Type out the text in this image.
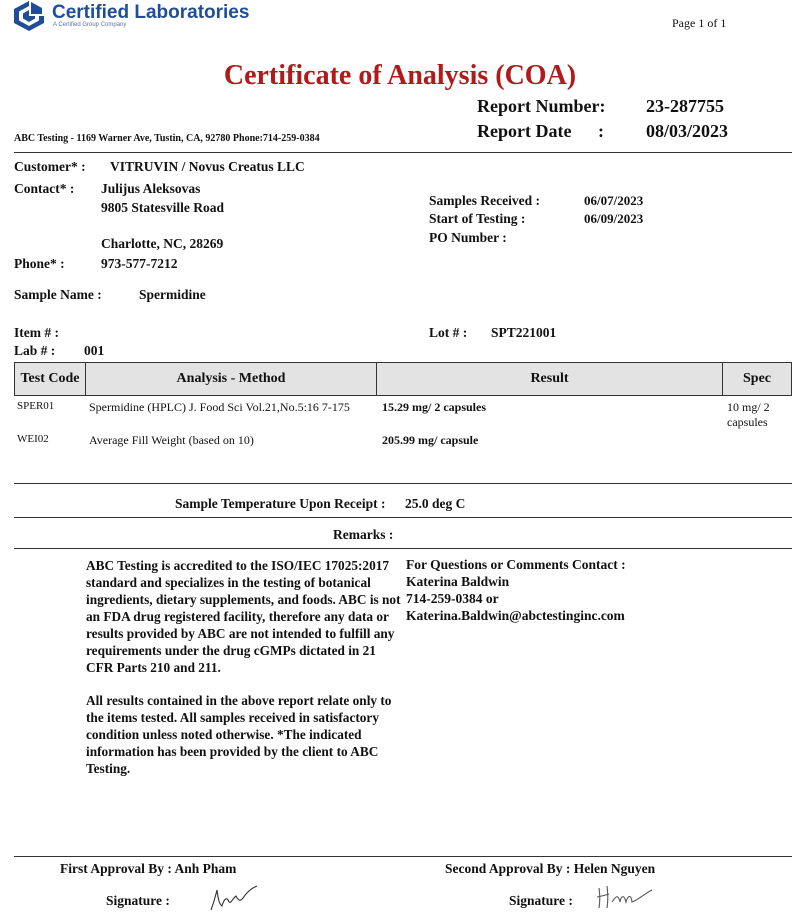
Certified Laboratories
A Certified Group Company	Page 1 of 1
Certificate of Analysis (COA)
Report Number: 23-287755
Report Date : 08/03/2023
ABC Testing - 1169 Warner Ave, Tustin, CA, 92780 Phone:714-259-0384
Customer* : VITRUVIN / Novus Creatus LLC
Contact* : Julijus Aleksovas
9805 Statesville Road
Charlotte, NC, 28269
Phone* :	973-577-7212
Samples Received :	06/07/2023
Start of Testing :	06/09/2023
PO Number :
Sample Name :	Spermidine
Item # :	Lot # : SPT221001
Lab # : 001
Test Code	Analysis - Method	Result	Spec
SPER01	Spermidine (HPLC) J. Food Sci Vol.21,No.5:16 7-175	15.29 mg/ 2 capsules	10 mg/ 2
capsules
WEI02	Average Fill Weight (based on 10)	205.99 mg/ capsule
Sample Temperature Upon Receipt : 25.0 deg C
Remarks :
ABC Testing is accredited to the ISO/IEC 17025:2017 standard and specializes in the testing of botanical ingredients, dietary supplements, and foods. ABC is not an FDA drug registered facility, therefore any data or results provided by ABC are not intended to fulfill any requirements under the drug cGMPs dictated in 21 CFR Parts 210 and 211.
All results contained in the above report relate only to the items tested. All samples received in satisfactory condition unless noted otherwise. *The indicated information has been provided by the client to ABC Testing.
For Questions or Comments Contact :
Katerina Baldwin
714-259-0384 or
Katerina.Baldwin@abctestinginc.com
First Approval By : Anh Pham	Second Approval By : Helen Nguyen
Signature :	Signature :
